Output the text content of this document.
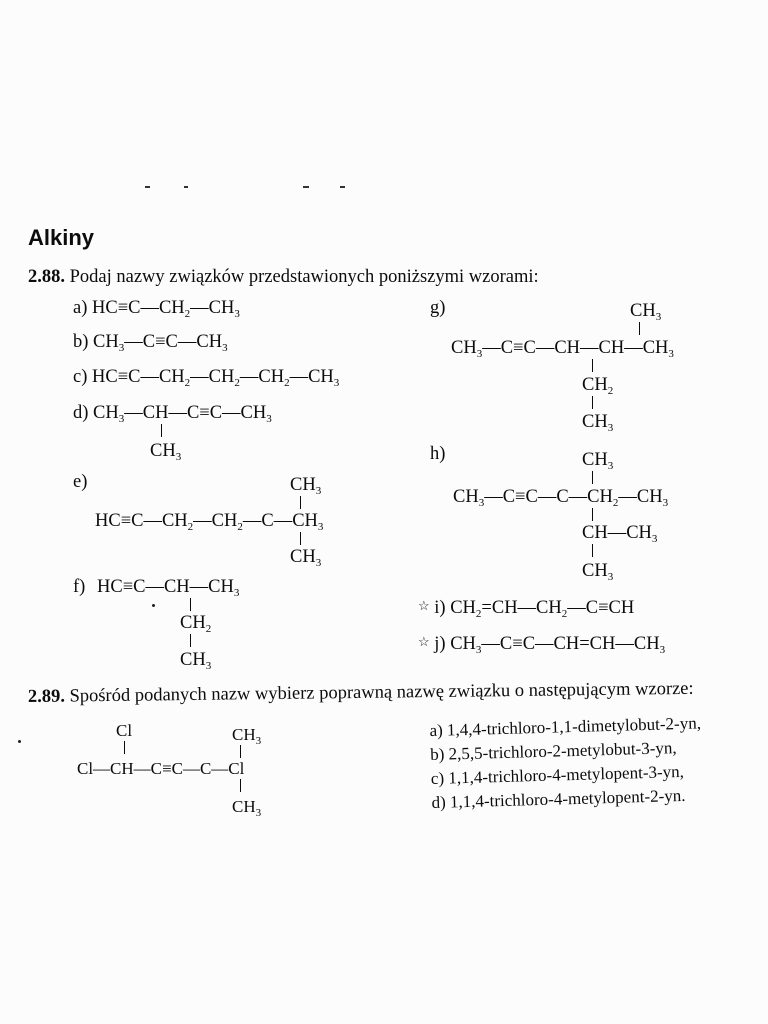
Alkiny
2.88. Podaj nazwy związków przedstawionych poniższymi wzorami:
a) $HC\equiv C—CH_2—CH_3$
b) $CH_3—C\equiv C—CH_3$
c) $HC\equiv C—CH_2—CH_2—CH_2—CH_3$
d) $CH_3—CH—C\equiv C—CH_3$
$CH_3$
e)	$CH_3$
$HC\equiv C—CH_2—CH_2—C—CH_3$
$CH_3$
f) $HC\equiv C—CH—CH_3$
$CH_2$
$CH_3$
g)	$CH_3$
$CH_3—C\equiv C—CH—CH—CH_3$
$CH_2$
$CH_3$
h)	$CH_3$
$CH_3—C\equiv C—C—CH_2—CH_3$
$CH—CH_3$
$CH_3$
☆ i) $CH_2=CH—CH_2—C\equiv CH$
☆ j) $CH_3—C\equiv C—CH=CH—CH_3$
2.89. Spośród podanych nazw wybierz poprawną nazwę związku o następującym wzorze:
Cl	$CH_3$
Cl—CH—C≡C—C—Cl
$CH_3$
a) 1,4,4-trichloro-1,1-dimetylobut-2-yn,
b) 2,5,5-trichloro-2-metylobut-3-yn,
c) 1,1,4-trichloro-4-metylopent-3-yn,
d) 1,1,4-trichloro-4-metylopent-2-yn.
